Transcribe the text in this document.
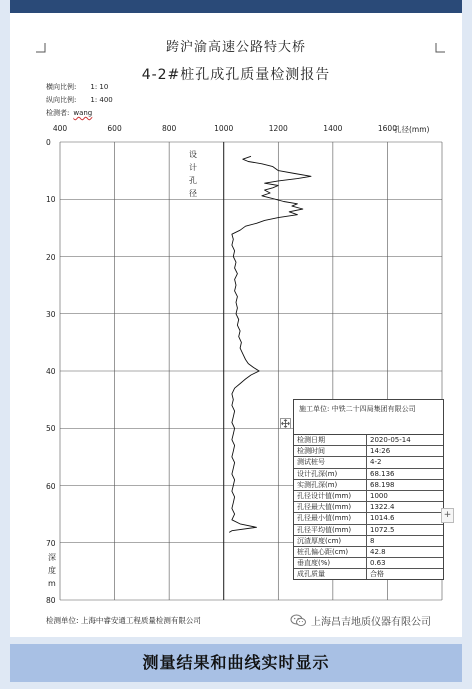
跨沪渝高速公路特大桥
4-2#桩孔成孔质量检测报告
横向比例: 1: 10
纵向比例: 1: 400
检测者: wang
400	600	800	1000	1200	1400	1600
孔径(mm)
0
10
20
30
40
50
60
70
80
设
计
孔
径
深
度
m
施工单位: 中铁二十四局集团有限公司
检测日期	2020-05-14
检测时间	14:26
测试桩号	4-2
设计孔深(m)	68.136
实测孔深(m)	68.198
孔径设计值(mm)	1000
孔径最大值(mm)	1322.4
孔径最小值(mm)	1014.6
孔径平均值(mm)	1072.5
沉渣厚度(cm)	8
桩孔偏心距(cm)	42.8
垂直度(%)	0.63
成孔质量	合格
+
检测单位: 上海中睿安通工程质量检测有限公司	上海昌吉地质仪器有限公司
测量结果和曲线实时显示
